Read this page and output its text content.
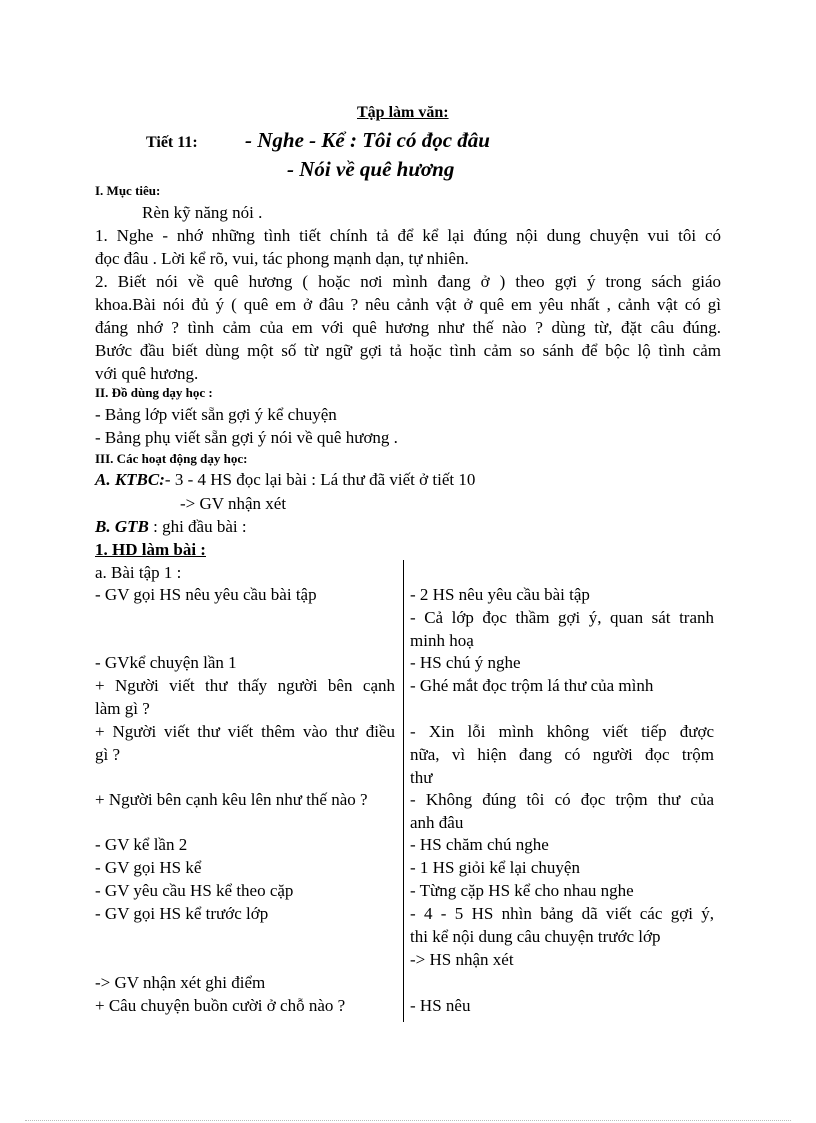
Tập làm văn:
Tiết 11: - Nghe - Kể : Tôi có đọc đâu
- Nói về quê hương
I. Mục tiêu:
Rèn kỹ năng nói .
1. Nghe - nhớ những tình tiết chính tả để kể lại đúng nội dung chuyện vui tôi có
đọc đâu . Lời kể rõ, vui, tác phong mạnh dạn, tự nhiên.
2. Biết nói về quê hương ( hoặc nơi mình đang ở ) theo gợi ý trong sách giáo
khoa.Bài nói đủ ý ( quê em ở đâu ? nêu cảnh vật ở quê em yêu nhất , cảnh vật có gì
đáng nhớ ? tình cảm của em với quê hương như thế nào ? dùng từ, đặt câu đúng.
Bước đầu biết dùng một số từ ngữ gợi tả hoặc tình cảm so sánh để bộc lộ tình cảm
với quê hương.
II. Đồ dùng dạy học :
- Bảng lớp viết sẵn gợi ý kể chuyện
- Bảng phụ viết sẵn gợi ý nói về quê hương .
III. Các hoạt động dạy học:
A. KTBC:- 3 - 4 HS đọc lại bài : Lá thư đã viết ở tiết 10
-> GV nhận xét
B. GTB : ghi đầu bài :
1. HD làm bài :
a. Bài tập 1 :
- GV gọi HS nêu yêu cầu bài tập
- GVkể chuyện lần 1
+ Người viết thư thấy người bên cạnh
làm gì ?
+ Người viết thư viết thêm vào thư điều
gì ?
+ Người bên cạnh kêu lên như thế nào ?
- GV kể lần 2
- GV gọi HS kể
- GV yêu cầu HS kể theo cặp
- GV gọi HS kể trước lớp
-> GV nhận xét ghi điểm
+ Câu chuyện buồn cười ở chỗ nào ?
- 2 HS nêu yêu cầu bài tập
- Cả lớp đọc thầm gợi ý, quan sát tranh
minh hoạ
- HS chú ý nghe
- Ghé mắt đọc trộm lá thư của mình
- Xin lỗi mình không viết tiếp được
nữa, vì hiện đang có người đọc trộm
thư
- Không đúng tôi có đọc trộm thư của
anh đâu
- HS chăm chú nghe
- 1 HS giỏi kể lại chuyện
- Từng cặp HS kể cho nhau nghe
- 4 - 5 HS nhìn bảng dã viết các gợi ý,
thi kể nội dung câu chuyện trước lớp
-> HS nhận xét
- HS nêu
